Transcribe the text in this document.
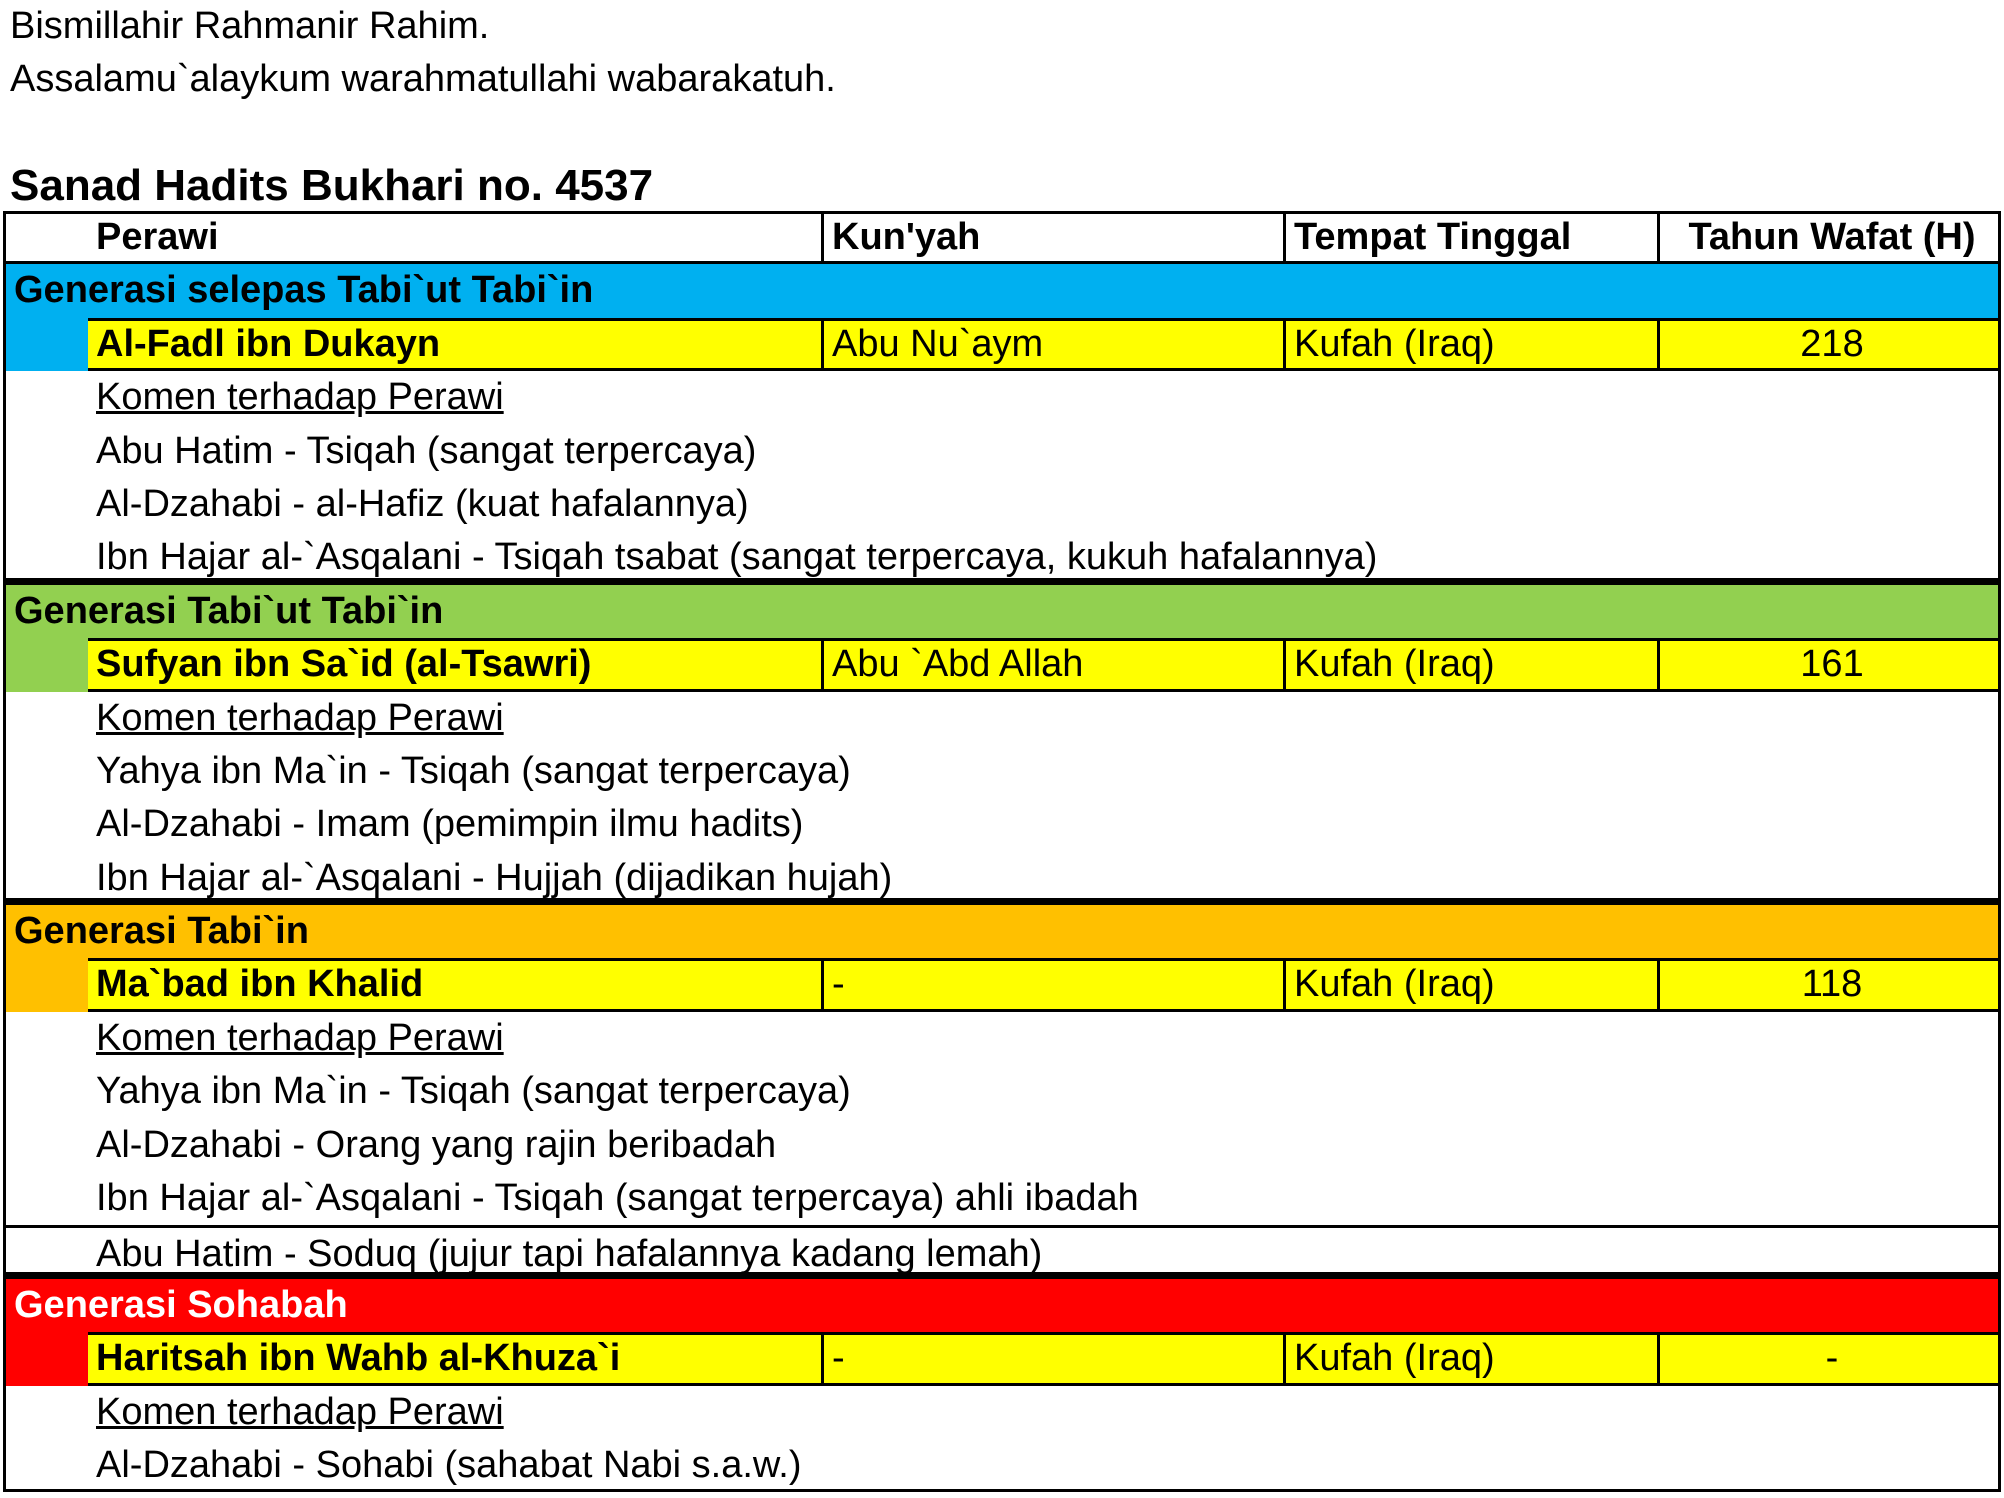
Bismillahir Rahmanir Rahim.
Assalamu`alaykum warahmatullahi wabarakatuh.
Sanad Hadits Bukhari no. 4537
Perawi	Kun'yah	Tempat Tinggal	Tahun Wafat (H)
Generasi selepas Tabi`ut Tabi`in
Al-Fadl ibn Dukayn	Abu Nu`aym	Kufah (Iraq)	218
Komen terhadap Perawi
Abu Hatim - Tsiqah (sangat terpercaya)
Al-Dzahabi - al-Hafiz (kuat hafalannya)
Ibn Hajar al-`Asqalani - Tsiqah tsabat (sangat terpercaya, kukuh hafalannya)
Generasi Tabi`ut Tabi`in
Sufyan ibn Sa`id (al-Tsawri)	Abu `Abd Allah	Kufah (Iraq)	161
Komen terhadap Perawi
Yahya ibn Ma`in - Tsiqah (sangat terpercaya)
Al-Dzahabi - Imam (pemimpin ilmu hadits)
Ibn Hajar al-`Asqalani - Hujjah (dijadikan hujah)
Generasi Tabi`in
Ma`bad ibn Khalid	-	Kufah (Iraq)	118
Komen terhadap Perawi
Yahya ibn Ma`in - Tsiqah (sangat terpercaya)
Al-Dzahabi - Orang yang rajin beribadah
Ibn Hajar al-`Asqalani - Tsiqah (sangat terpercaya) ahli ibadah
Abu Hatim - Soduq (jujur tapi hafalannya kadang lemah)
Generasi Sohabah
Haritsah ibn Wahb al-Khuza`i	-	Kufah (Iraq)	-
Komen terhadap Perawi
Al-Dzahabi - Sohabi (sahabat Nabi s.a.w.)
